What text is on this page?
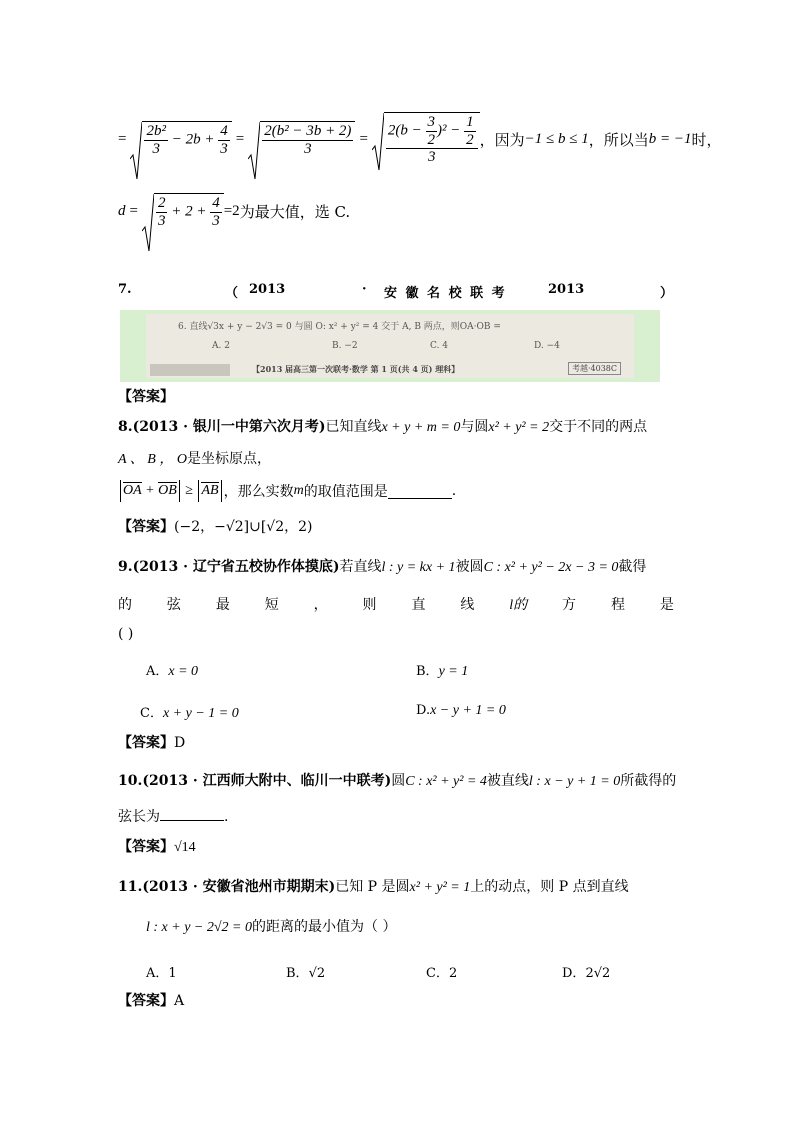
= $\frac{\text{2b²}}{3} - 2b + \frac{4}{3} = \frac{\text{2(b² − 3b + 2)}}{3} = \frac{2(b - \frac{3}{2} )^2 - \frac{1}{2}}{3}$ ，因为 −1 ≤ b ≤ 1 ，所以当 b = −1 时，
$d = \frac{2}{3} + 2 + \frac{4}{3} =2$ 为最大值，选 C.
7.	（ 2013	· 安 徽 名 校 联 考	2013	）
6. 直线√3x + y − 2√3 = 0 与圆 O: x² + y² = 4 交于 A, B 两点，则OA·OB =
A. 2	B. −2	C. 4	D. −4
【2013 届高三第一次联考·数学 第 1 页(共 4 页) 理科】	考越·4038C
【答案】
8.(2013 · 银川一中第六次月考)已知直线x + y + m = 0与圆x² + y² = 2交于不同的两点
A 、 B ， O是坐标原点，
OA + OB ≥ AB ，那么实数 m 的取值范围是	.
【答案】(−2，−√2]∪[√2，2)
9.(2013 · 辽宁省五校协作体摸底)若直线l : y = kx + 1被圆C : x² + y² − 2x − 3 = 0截得
的 弦 最 短 ， 则 直 线 l的 方 程 是
( )
A．x = 0	B．y = 1
C．x + y − 1 = 0	D.x − y + 1 = 0
【答案】D
10.(2013 · 江西师大附中、临川一中联考)圆C : x² + y² = 4被直线l : x − y + 1 = 0所截得的
弦长为	.
【答案】√14
11.(2013 · 安徽省池州市期期末)已知 P 是圆x² + y² = 1上的动点，则 P 点到直线
l : x + y − 2√2 = 0的距离的最小值为（ ）
A．1	B．√2	C．2	D．2√2
【答案】A
